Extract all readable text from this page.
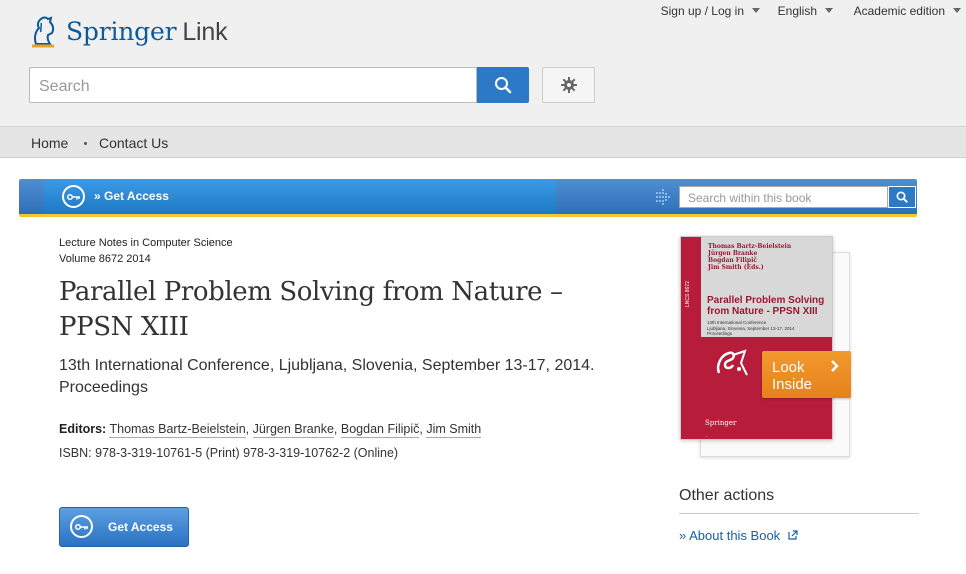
Springer Link
Sign up / Log in	English	Academic edition
Search
Home Contact Us
» Get Access	Search within this book
Lecture Notes in Computer Science
Volume 8672 2014
Parallel Problem Solving from Nature – PPSN XIII
13th International Conference, Ljubljana, Slovenia, September 13-17, 2014. Proceedings
Editors: Thomas Bartz-Beielstein, Jürgen Branke, Bogdan Filipič, Jim Smith
ISBN: 978-3-319-10761-5 (Print) 978-3-319-10762-2 (Online)
Get Access
LNCS 8672
Thomas Bartz-Beielstein
Jürgen Branke
Bogdan Filipič
Jim Smith (Eds.)
Parallel Problem Solving from Nature - PPSN XIII
13th International Conference
Ljubljana, Slovenia, September 13-17, 2014
Proceedings
Springer
—
Look Inside
Other actions
» About this Book
